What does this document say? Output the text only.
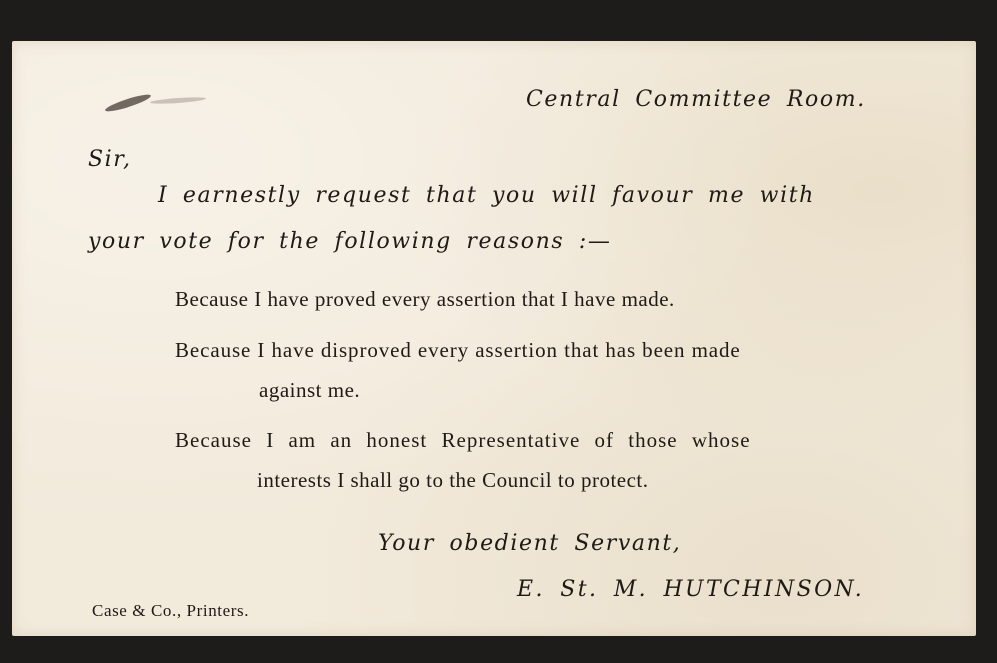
Central Committee Room.

Sir,

I earnestly request that you will favour me with

your vote for the following reasons :—

Because I have proved every assertion that I have made.

Because I have disproved every assertion that has been made

against me.

Because I am an honest Representative of those whose

interests I shall go to the Council to protect.

Your obedient Servant,

E. St. M. HUTCHINSON.

Case & Co., Printers.
